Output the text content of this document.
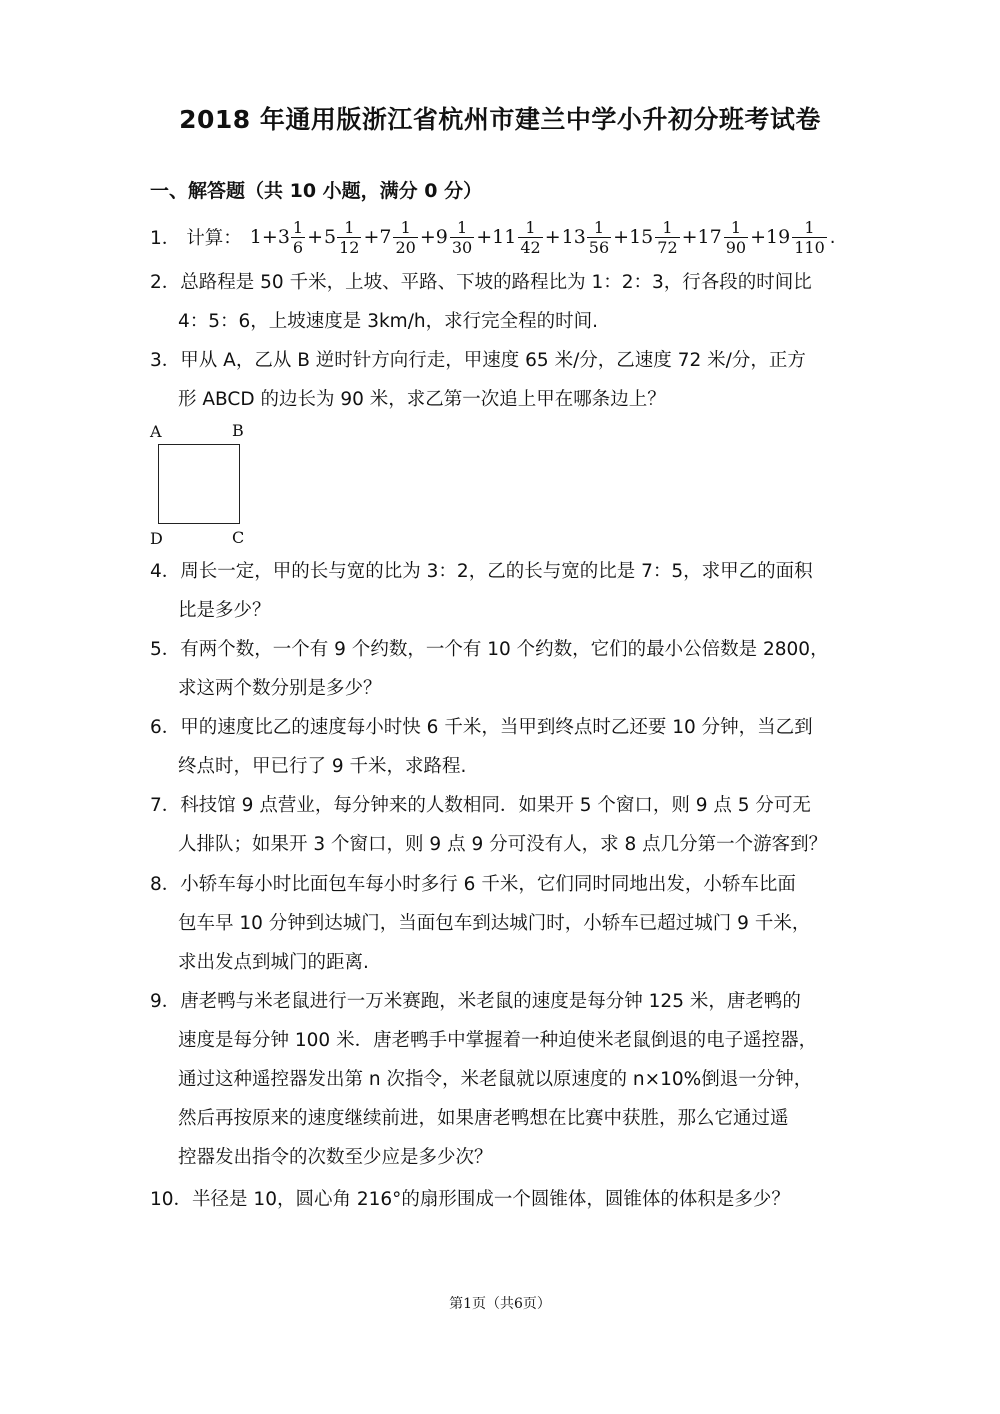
2018 年通用版浙江省杭州市建兰中学小升初分班考试卷
一、解答题（共 10 小题，满分 0 分）
1． 计算： $1+ 3 \frac{1}{6} + 5 \frac{1}{12} +7 \frac{1}{20} +9 \frac{1}{30} +11 \frac{1}{42} + 13 \frac{1}{56} +15 \frac{1}{72} +17 \frac{1}{90} +19 \frac{1}{110}$ .
2．总路程是 50 千米，上坡、平路、下坡的路程比为 1：2：3，行各段的时间比
4：5：6，上坡速度是 3km/h，求行完全程的时间.
3．甲从 A，乙从 B 逆时针方向行走，甲速度 65 米/分，乙速度 72 米/分，正方
形 ABCD 的边长为 90 米，求乙第一次追上甲在哪条边上？
A	B
C
D
4．周长一定，甲的长与宽的比为 3：2，乙的长与宽的比是 7：5，求甲乙的面积
比是多少？
5．有两个数，一个有 9 个约数，一个有 10 个约数，它们的最小公倍数是 2800，
求这两个数分别是多少？
6．甲的速度比乙的速度每小时快 6 千米，当甲到终点时乙还要 10 分钟，当乙到
终点时，甲已行了 9 千米，求路程.
7．科技馆 9 点营业，每分钟来的人数相同．如果开 5 个窗口，则 9 点 5 分可无
人排队；如果开 3 个窗口，则 9 点 9 分可没有人，求 8 点几分第一个游客到？
8．小轿车每小时比面包车每小时多行 6 千米，它们同时同地出发，小轿车比面
包车早 10 分钟到达城门，当面包车到达城门时，小轿车已超过城门 9 千米，
求出发点到城门的距离.
9．唐老鸭与米老鼠进行一万米赛跑，米老鼠的速度是每分钟 125 米，唐老鸭的
速度是每分钟 100 米．唐老鸭手中掌握着一种迫使米老鼠倒退的电子遥控器，
通过这种遥控器发出第 n 次指令，米老鼠就以原速度的 n×10%倒退一分钟，
然后再按原来的速度继续前进，如果唐老鸭想在比赛中获胜，那么它通过遥
控器发出指令的次数至少应是多少次？
10．半径是 10，圆心角 216°的扇形围成一个圆锥体，圆锥体的体积是多少？
第1页（共6页）
